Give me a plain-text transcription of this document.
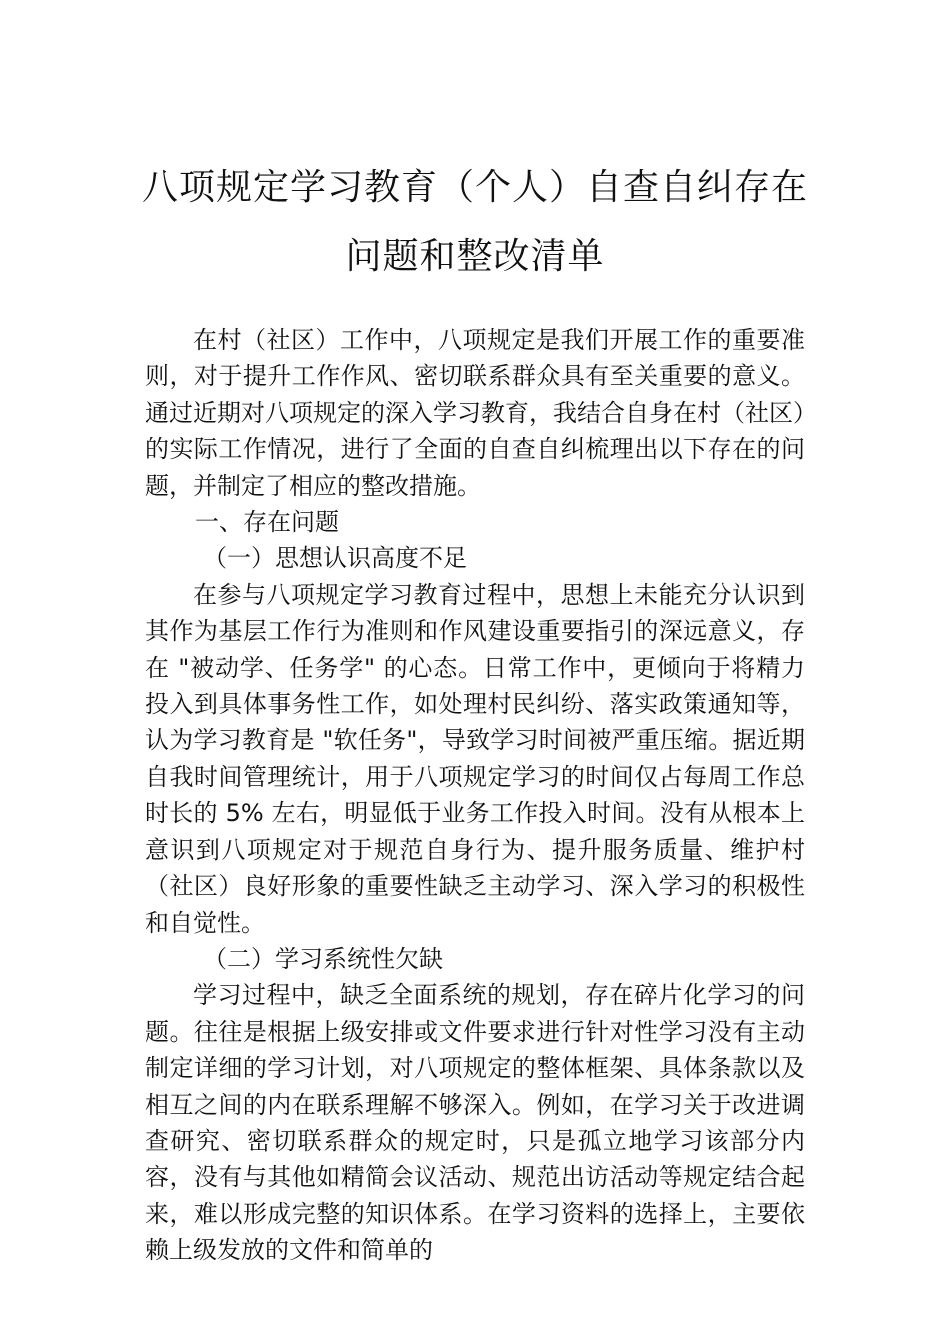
八项规定学习教育（个人）自查自纠存在
问题和整改清单

在村（社区）工作中，八项规定是我们开展工作的重要准则，对于提升工作作风、密切联系群众具有至关重要的意义。通过近期对八项规定的深入学习教育，我结合自身在村（社区）的实际工作情况，进行了全面的自查自纠梳理出以下存在的问题，并制定了相应的整改措施。

一、存在问题

（一）思想认识高度不足

在参与八项规定学习教育过程中，思想上未能充分认识到其作为基层工作行为准则和作风建设重要指引的深远意义，存在 "被动学、任务学" 的心态。日常工作中，更倾向于将精力投入到具体事务性工作，如处理村民纠纷、落实政策通知等，认为学习教育是 "软任务"，导致学习时间被严重压缩。据近期自我时间管理统计，用于八项规定学习的时间仅占每周工作总时长的 5% 左右，明显低于业务工作投入时间。没有从根本上意识到八项规定对于规范自身行为、提升服务质量、维护村（社区）良好形象的重要性缺乏主动学习、深入学习的积极性和自觉性。

（二）学习系统性欠缺

学习过程中，缺乏全面系统的规划，存在碎片化学习的问题。往往是根据上级安排或文件要求进行针对性学习没有主动制定详细的学习计划，对八项规定的整体框架、具体条款以及相互之间的内在联系理解不够深入。例如，在学习关于改进调查研究、密切联系群众的规定时，只是孤立地学习该部分内容，没有与其他如精简会议活动、规范出访活动等规定结合起来，难以形成完整的知识体系。在学习资料的选择上，主要依赖上级发放的文件和简单的
